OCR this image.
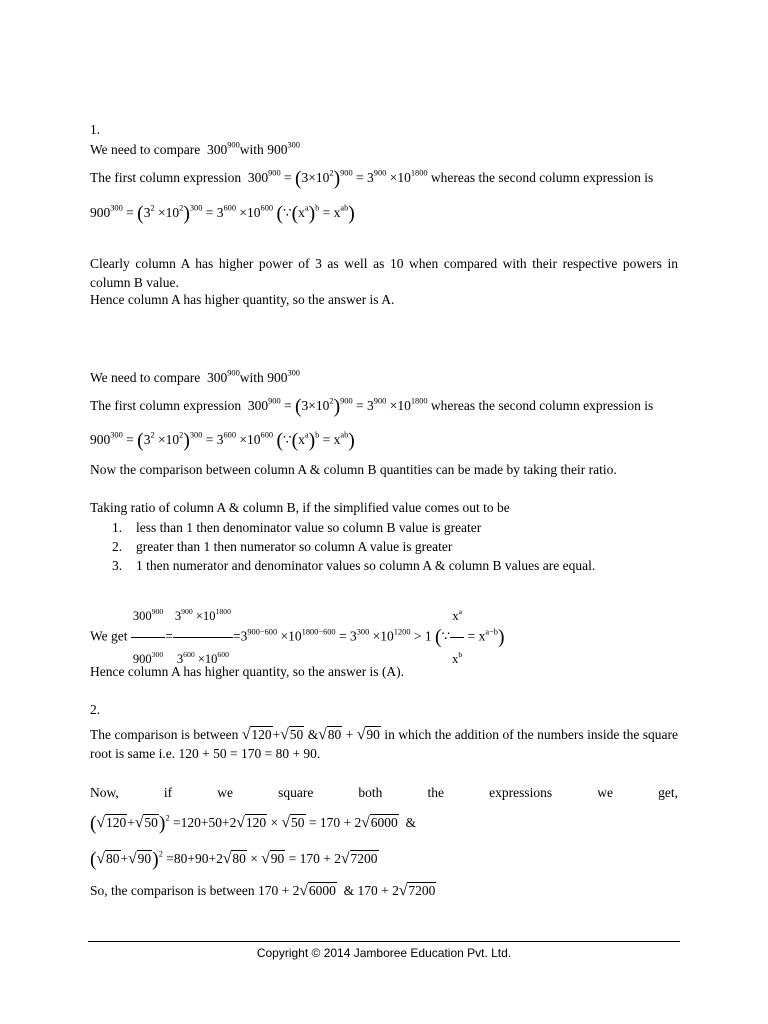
1.
We need to compare  $300^{900}with$ $900^{300}$
The first column expression  $300^{900} = (3\times 10^2)^{900} = 3^{900} \times 10^{1800}$ whereas the second column expression is
$900^{300} = (3^2 \times 10^2)^{300} = 3^{600} \times 10^{600}$ $(\because(x^a)^b = x^{ab})$
Clearly column A has higher power of 3 as well as 10 when compared with their respective powers in column B value.
Hence column A has higher quantity, so the answer is A.
We need to compare  $300^{900}with$ $900^{300}$
The first column expression  $300^{900} = (3\times 10^2)^{900} = 3^{900} \times 10^{1800}$ whereas the second column expression is
$900^{300} = (3^2 \times 10^2)^{300} = 3^{600} \times 10^{600}$ $(\because(x^a)^b = x^{ab})$
Now the comparison between column A & column B quantities can be made by taking their ratio.
Taking ratio of column A & column B, if the simplified value comes out to be
1. less than 1 then denominator value so column B value is greater
2. greater than 1 then numerator so column A value is greater
3. 1 then numerator and denominator values so column A & column B values are equal.
We get $\frac{300^{900}}{900^{300}} = \frac{3^{900} \times 10^{1800}}{3^{600} \times 10^{600}} =3^{900-600} \times 10^{1800-600} = 3^{300} \times 10^{1200} > 1$ (∵ $\frac{x^a}{x^b} = x^{a-b}$)
Hence column A has higher quantity, so the answer is (A).
2.
The comparison is between √120+√50 &√80 + √90 in which the addition of the numbers inside the square root is same i.e. 120 + 50 = 170 = 80 + 90.
Now,	if	we	square	both	the	expressions	we	get,
$(√120+√50)^2 =120+50+2√120 \times √50 = 170 + 2√6000$  &
$(√80+√90)^2 =80+90+2√80 \times √90 = 170 + 2√7200$
So, the comparison is between 170 + 2√6000  & 170 + 2√7200
Copyright © 2014 Jamboree Education Pvt. Ltd.
